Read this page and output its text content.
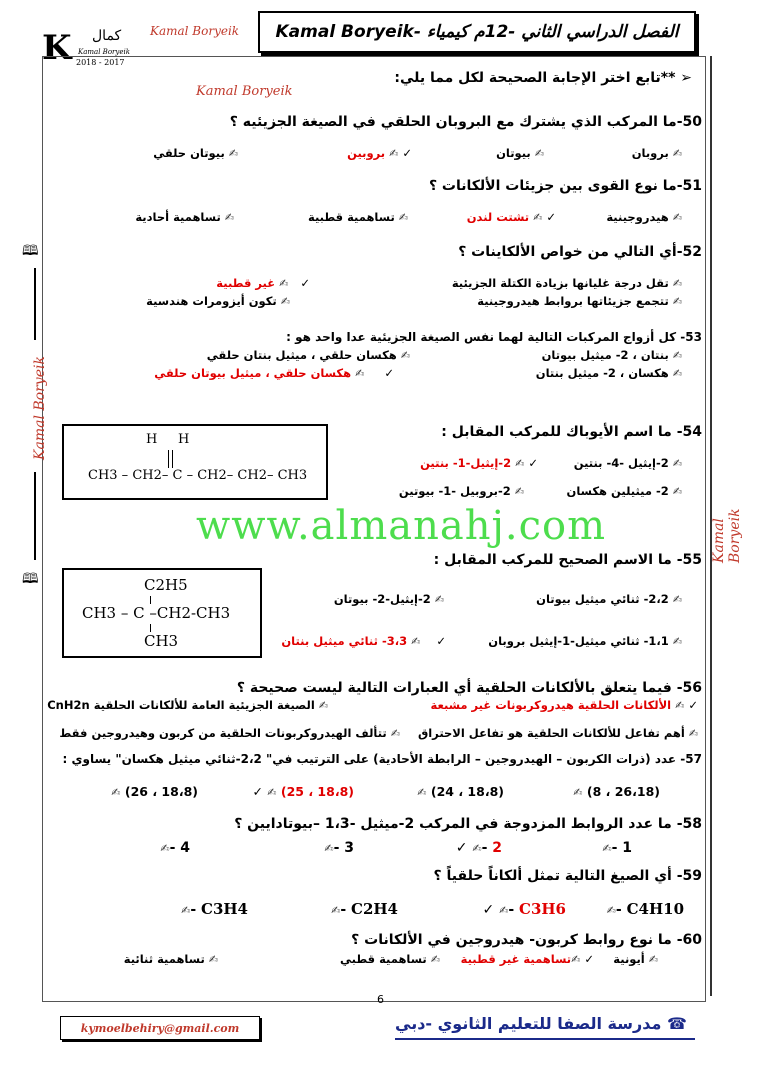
Kamal Boryeik Kamal Boryeik- الفصل الدراسي الثاني -12م كيمياء
K كمال
Kamal Boryeik
2018 - 2017
🕮
Kamal Boryeik
🕮
Kamal Boryeik
➢ **تابع اختر الإجابة الصحيحة لكل مما يلي:
Kamal Boryeik
50-ما المركب الذي يشترك مع البروبان الحلقي في الصيغة الجزيئيه ؟
✍ بروبان
✍ بيوتان
✓ ✍ بروبين
✍ بيوتان حلقي
51-ما نوع القوى بين جزيئات الألكانات ؟
✍ هيدروجينية
✓ ✍ تشتت لندن
✍ تساهمية قطبية
✍ تساهمية أحادية
52-أي التالي من خواص الألكاينات ؟
✍ تقل درجة غليانها بزيادة الكتلة الجزيئية
✓   ✍ غير قطبية
✍ تتجمع جزيئاتها بروابط هيدروجينية
✍ تكون أيزومرات هندسية
53- كل أزواج المركبات التالية لهما نفس الصيغة الجزيئية عدا واحد هو :
✍ بنتان ، 2- ميثيل بيوتان
✍ هكسان حلقي ، ميثيل بنتان حلقي
✍ هكسان ، 2- ميثيل بنتان
✓     ✍ هكسان حلقي ، ميثيل بيوتان حلقي
54- ما اسم الأيوباك للمركب المقابل :
H     H
CH3 – CH2– C – CH2– CH2– CH3
✍ 2-إيثيل -4- بنتين
✓ ✍ 2-إيثيل-1- بنتين
✍ 2- ميثيلين هكسان
✍ 2-بروبيل -1- بيوتين
www.almanahj.com
55- ما الاسم الصحيح للمركب المقابل :
C2H5
CH3 – C –CH2-CH3
CH3
✍ 2،2- ثنائي ميثيل بيوتان
✍ 2-إيثيل-2- بيوتان
✍ 1،1- ثنائي ميثيل-1-إيثيل بروبان
✓    ✍ 3،3- ثنائي ميثيل بنتان
56- فيما يتعلق بالألكانات الحلقية أي العبارات التالية ليست صحيحة ؟
✓ ✍ الألكانات الحلقية هيدروكربونات غير مشبعة
✍ الصيغة الجزيئية العامة للألكانات الحلقية CnH2n
✍ أهم تفاعل للألكانات الحلقية هو تفاعل الاحتراق
✍ تتألف الهيدروكربونات الحلقية من كربون وهيدروجين فقط
57- عدد (ذرات الكربون – الهيدروجين – الرابطة الأحادية) على الترتيب في" 2،2-ثنائي ميثيل هكسان" يساوي :
✍ (8 ، 26،18)
✍ (24 ، 18،8)
✓ ✍ (25 ، 18،8)
✍ (26 ، 18،8)
58- ما عدد الروابط المزدوجة في المركب 2-ميثيل -1،3 –بيوتادايين ؟
✍- 1
✓ ✍- 2
✍- 3
✍- 4
59- أي الصيغ التالية تمثل ألكاناً حلقياً ؟
✍- C4H10
✓ ✍- C3H6
✍- C2H4
✍- C3H4
60- ما نوع روابط كربون- هيدروجين في الألكانات ؟
✍ أيونية
✓ ✍تساهمية غير قطبية
✍ تساهمية قطبي
✍ تساهمية ثنائية
6
kymoelbehiry@gmail.com	☎ مدرسة الصفا للتعليم الثانوي -دبي
